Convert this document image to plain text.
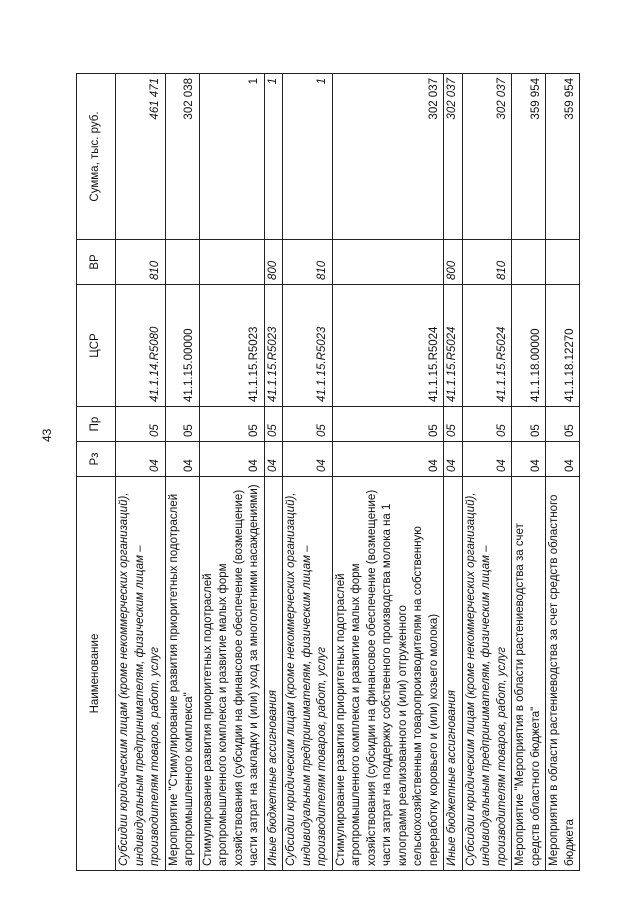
43
Наименование	Рз	Пр	ЦСР	ВР	Сумма, тыс. руб.
Субсидии юридическим лицам (кроме некоммерческих организаций), индивидуальным предпринимателям, физическим лицам – производителям товаров, работ, услуг	04	05	41.1.14.R5080	810	461 471
Мероприятие "Стимулирование развития приоритетных подотраслей агропромышленного комплекса"	04	05	41.1.15.00000		302 038
Стимулирование развития приоритетных подотраслей агропромышленного комплекса и развитие малых форм хозяйствования (субсидии на финансовое обеспечение (возмещение) части затрат на закладку и (или) уход за многолетними насаждениями)	04	05	41.1.15.R5023		1
Иные бюджетные ассигнования	04	05	41.1.15.R5023	800	1
Субсидии юридическим лицам (кроме некоммерческих организаций), индивидуальным предпринимателям, физическим лицам – производителям товаров, работ, услуг	04	05	41.1.15.R5023	810	1
Стимулирование развития приоритетных подотраслей агропромышленного комплекса и развитие малых форм хозяйствования (субсидии на финансовое обеспечение (возмещение) части затрат на поддержку собственного производства молока на 1 килограмм реализованного и (или) отгруженного сельскохозяйственным товаропроизводителям на собственную переработку коровьего и (или) козьего молока)	04	05	41.1.15.R5024		302 037
Иные бюджетные ассигнования	04	05	41.1.15.R5024	800	302 037
Субсидии юридическим лицам (кроме некоммерческих организаций), индивидуальным предпринимателям, физическим лицам – производителям товаров, работ, услуг	04	05	41.1.15.R5024	810	302 037
Мероприятие "Мероприятия в области растениеводства за счет средств областного бюджета"	04	05	41.1.18.00000		359 954
Мероприятия в области растениеводства за счет средств областного бюджета	04	05	41.1.18.12270		359 954
